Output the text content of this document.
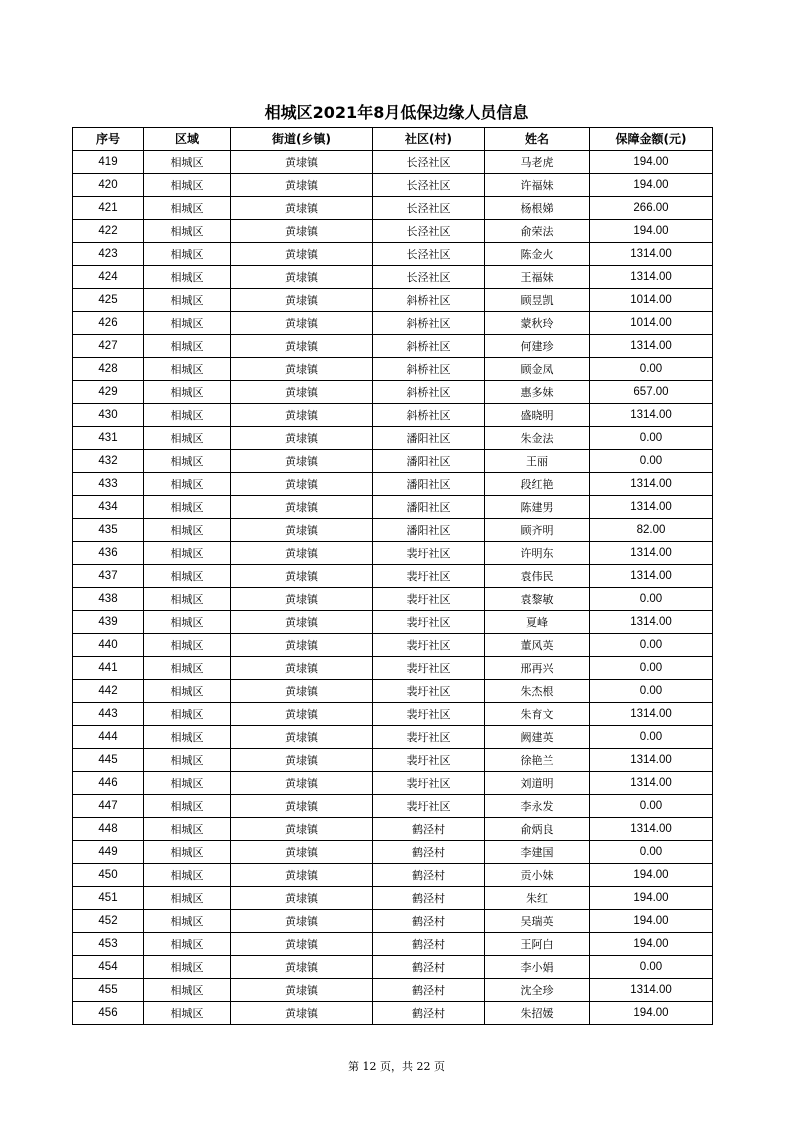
相城区2021年8月低保边缘人员信息
序号	区域	街道(乡镇)	社区(村)	姓名	保障金额(元)
419	相城区	黄埭镇	长泾社区	马老虎	194.00
420	相城区	黄埭镇	长泾社区	许福妹	194.00
421	相城区	黄埭镇	长泾社区	杨根娣	266.00
422	相城区	黄埭镇	长泾社区	俞荣法	194.00
423	相城区	黄埭镇	长泾社区	陈金火	1314.00
424	相城区	黄埭镇	长泾社区	王福妹	1314.00
425	相城区	黄埭镇	斜桥社区	顾昱凯	1014.00
426	相城区	黄埭镇	斜桥社区	蒙秋玲	1014.00
427	相城区	黄埭镇	斜桥社区	何建珍	1314.00
428	相城区	黄埭镇	斜桥社区	顾金凤	0.00
429	相城区	黄埭镇	斜桥社区	惠多妹	657.00
430	相城区	黄埭镇	斜桥社区	盛晓明	1314.00
431	相城区	黄埭镇	潘阳社区	朱金法	0.00
432	相城区	黄埭镇	潘阳社区	王丽	0.00
433	相城区	黄埭镇	潘阳社区	段红艳	1314.00
434	相城区	黄埭镇	潘阳社区	陈建男	1314.00
435	相城区	黄埭镇	潘阳社区	顾齐明	82.00
436	相城区	黄埭镇	裴圩社区	许明东	1314.00
437	相城区	黄埭镇	裴圩社区	袁伟民	1314.00
438	相城区	黄埭镇	裴圩社区	袁黎敏	0.00
439	相城区	黄埭镇	裴圩社区	夏峰	1314.00
440	相城区	黄埭镇	裴圩社区	董风英	0.00
441	相城区	黄埭镇	裴圩社区	邢再兴	0.00
442	相城区	黄埭镇	裴圩社区	朱杰根	0.00
443	相城区	黄埭镇	裴圩社区	朱育文	1314.00
444	相城区	黄埭镇	裴圩社区	阙建英	0.00
445	相城区	黄埭镇	裴圩社区	徐艳兰	1314.00
446	相城区	黄埭镇	裴圩社区	刘道明	1314.00
447	相城区	黄埭镇	裴圩社区	李永发	0.00
448	相城区	黄埭镇	鹤泾村	俞炳良	1314.00
449	相城区	黄埭镇	鹤泾村	李建国	0.00
450	相城区	黄埭镇	鹤泾村	贡小妹	194.00
451	相城区	黄埭镇	鹤泾村	朱红	194.00
452	相城区	黄埭镇	鹤泾村	吴瑞英	194.00
453	相城区	黄埭镇	鹤泾村	王阿白	194.00
454	相城区	黄埭镇	鹤泾村	李小娟	0.00
455	相城区	黄埭镇	鹤泾村	沈全珍	1314.00
456	相城区	黄埭镇	鹤泾村	朱招媛	194.00
第 12 页，共 22 页
